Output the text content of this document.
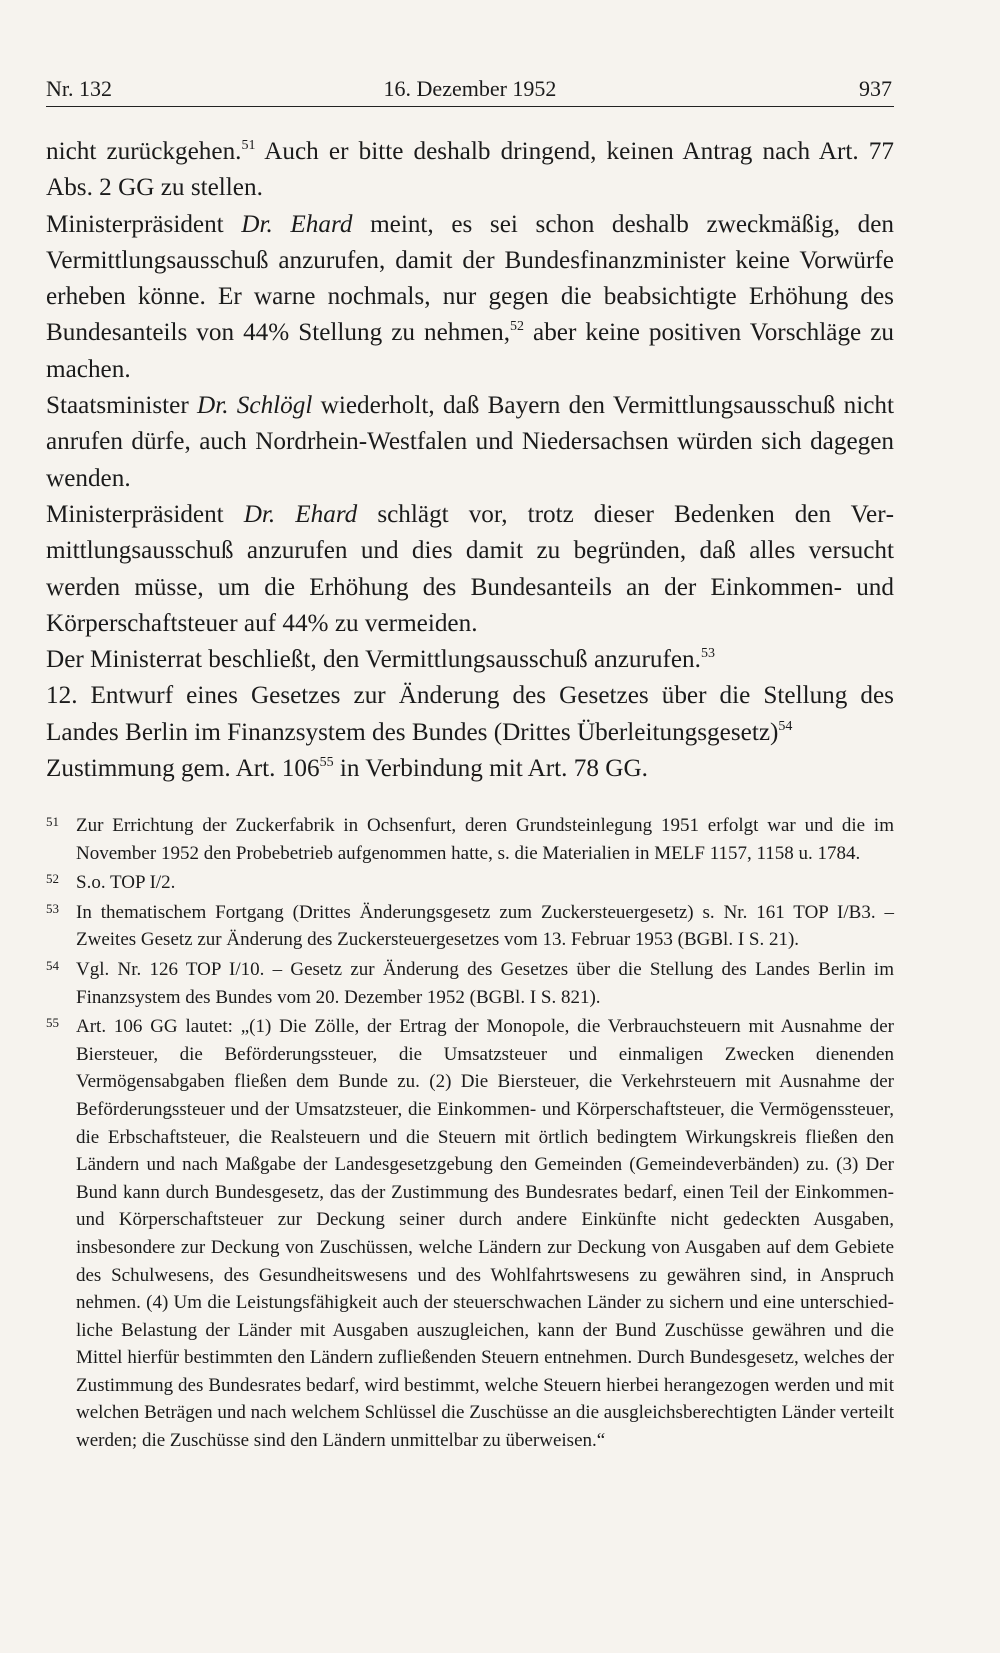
Nr. 132	16. Dezember 1952	937

nicht zurückgehen.$^{51}$ Auch er bitte deshalb dringend, keinen Antrag nach Art. 77 Abs. 2 GG zu stellen.

Ministerpräsident Dr. Ehard meint, es sei schon deshalb zweckmäßig, den Vermittlungsausschuß anzurufen, damit der Bundesfinanzminister keine Vorwürfe erheben könne. Er warne nochmals, nur gegen die beabsichtigte Erhöhung des Bundesanteils von 44% Stellung zu nehmen,$^{52}$ aber keine positiven Vorschläge zu machen.

Staatsminister Dr. Schlögl wiederholt, daß Bayern den Vermittlungsausschuß nicht anrufen dürfe, auch Nordrhein-Westfalen und Niedersachsen würden sich dagegen wenden.

Ministerpräsident Dr. Ehard schlägt vor, trotz dieser Bedenken den Vermittlungsausschuß anzurufen und dies damit zu begründen, daß alles versucht werden müsse, um die Erhöhung des Bundesanteils an der Einkommen- und Körperschaftsteuer auf 44% zu vermeiden.

Der Ministerrat beschließt, den Vermittlungsausschuß anzurufen.$^{53}$

12. Entwurf eines Gesetzes zur Änderung des Gesetzes über die Stellung des Landes Berlin im Finanzsystem des Bundes (Drittes Überleitungsgesetz)$^{54}$

Zustimmung gem. Art. $106^{55}$ in Verbindung mit Art. 78 GG.

51 Zur Errichtung der Zuckerfabrik in Ochsenfurt, deren Grundsteinlegung 1951 erfolgt war und die im November 1952 den Probebetrieb aufgenommen hatte, s. die Materialien in MELF 1157, 1158 u. 1784.
52 S.o. TOP I/2.
53 In thematischem Fortgang (Drittes Änderungsgesetz zum Zuckersteuergesetz) s. Nr. 161 TOP I/B3. – Zweites Gesetz zur Änderung des Zuckersteuergesetzes vom 13. Februar 1953 (BGBl. I S. 21).
54 Vgl. Nr. 126 TOP I/10. – Gesetz zur Änderung des Gesetzes über die Stellung des Landes Berlin im Finanzsystem des Bundes vom 20. Dezember 1952 (BGBl. I S. 821).
55 Art. 106 GG lautet: „(1) Die Zölle, der Ertrag der Monopole, die Verbrauchsteuern mit Ausnahme der Biersteuer, die Beförderungssteuer, die Umsatzsteuer und einmaligen Zwecken dienenden Vermögensabgaben fließen dem Bunde zu. (2) Die Biersteuer, die Verkehrsteuern mit Ausnahme der Beförderungssteuer und der Umsatzsteuer, die Einkommen- und Körperschaftsteuer, die Vermögenssteuer, die Erbschaftsteuer, die Realsteuern und die Steuern mit örtlich bedingtem Wirkungskreis fließen den Ländern und nach Maßgabe der Landesgesetzgebung den Gemeinden (Gemeindeverbänden) zu. (3) Der Bund kann durch Bundesgesetz, das der Zustimmung des Bundesrates bedarf, einen Teil der Einkommen- und Körperschaftsteuer zur Deckung seiner durch andere Einkünfte nicht gedeckten Ausgaben, insbesondere zur Deckung von Zuschüssen, welche Ländern zur Deckung von Ausgaben auf dem Gebiete des Schulwesens, des Gesundheitswesens und des Wohlfahrtswesens zu gewähren sind, in Anspruch nehmen. (4) Um die Leistungsfähigkeit auch der steuerschwachen Länder zu sichern und eine unterschiedliche Belastung der Länder mit Ausgaben auszugleichen, kann der Bund Zuschüsse gewähren und die Mittel hierfür bestimmten den Ländern zufließenden Steuern entnehmen. Durch Bundesgesetz, welches der Zustimmung des Bundesrates bedarf, wird bestimmt, welche Steuern hierbei herangezogen werden und mit welchen Beträgen und nach welchem Schlüssel die Zuschüsse an die ausgleichsberechtigten Länder verteilt werden; die Zuschüsse sind den Ländern unmittelbar zu überweisen.“
